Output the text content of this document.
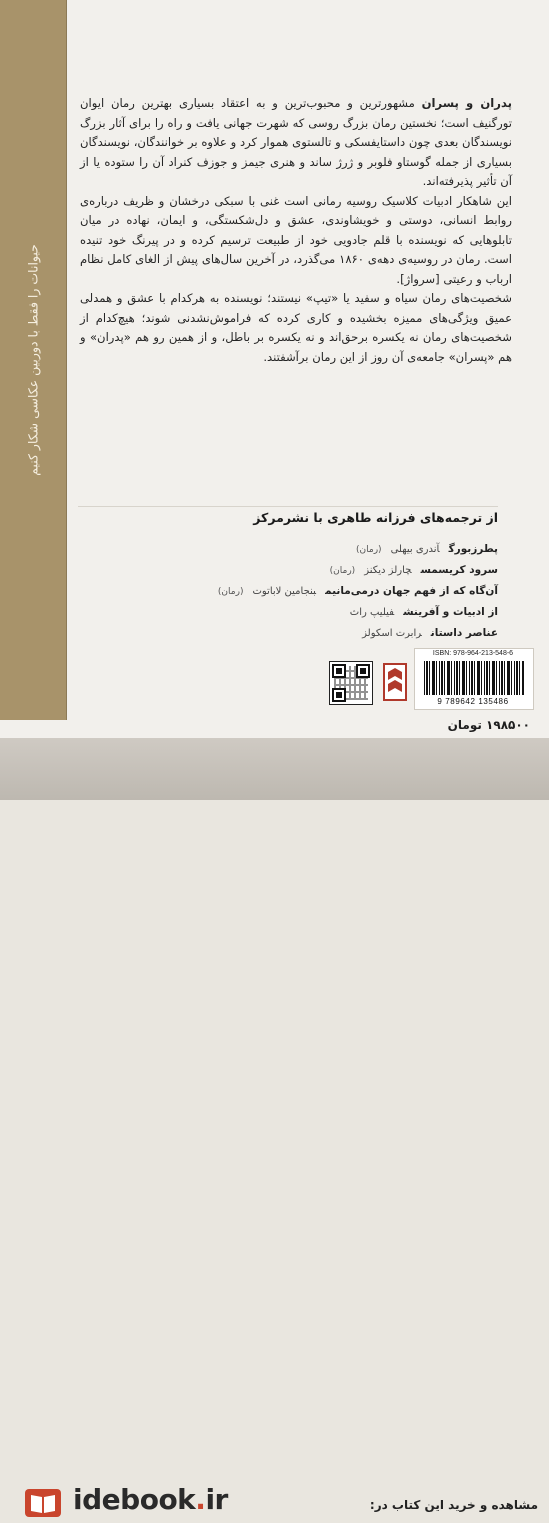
حیوانات را فقط با دوربین عکاسی شکار کنیم
پدران و پسران مشهورترین و محبوب‌ترین و به اعتقاد بسیاری بهترین رمان ایوان تورگنیف است؛ نخستین رمان بزرگ روسی که شهرت جهانی یافت و راه را برای آثار بزرگ نویسندگان بعدی چون داستایفسکی و تالستوی هموار کرد و علاوه بر خوانندگان، نویسندگان بسیاری از جمله گوستاو فلوبر و ژرژ ساند و هنری جیمز و جوزف کنراد آن را ستوده یا از آن تأثیر پذیرفته‌اند.
این شاهکار ادبیات کلاسیک روسیه رمانی است غنی با سبکی درخشان و ظریف درباره‌ی روابط انسانی، دوستی و خویشاوندی، عشق و دل‌شکستگی، و ایمان، نهاده در میان تابلوهایی که نویسنده با قلم جادویی خود از طبیعت ترسیم کرده و در پیرنگ خود تنیده است. رمان در روسیه‌ی دهه‌ی ۱۸۶۰ می‌گذرد، در آخرین سال‌های پیش از الغای کامل نظام ارباب و رعیتی [سرواژ].
شخصیت‌های رمان سیاه و سفید یا «تیپ» نیستند؛ نویسنده به هرکدام با عشق و همدلی عمیق ویژگی‌های ممیزه بخشیده و کاری کرده که فراموش‌نشدنی شوند؛ هیچ‌کدام از شخصیت‌های رمان نه یکسره برحق‌اند و نه یکسره بر باطل، و از همین رو هم «پدران» و هم «پسران» جامعه‌ی آن روز از این رمان برآشفتند.
از ترجمه‌های فرزانه طاهری با نشرمرکز
پطرزبورگآندری بیهلی(رمان)
سرود کریسمسچارلز دیکنز(رمان)
آن‌گاه که از فهم جهان درمی‌مانیمبنجامین لاباتوت(رمان)
از ادبیات و آفرینشفیلیپ راث
عناصر داستانرابرت اسکولز
ISBN: 978-964-213-548-6
9 789642 135486
۱۹۸۵۰۰ تومان
idebook.ir	مشاهده و خرید این کتاب در:
